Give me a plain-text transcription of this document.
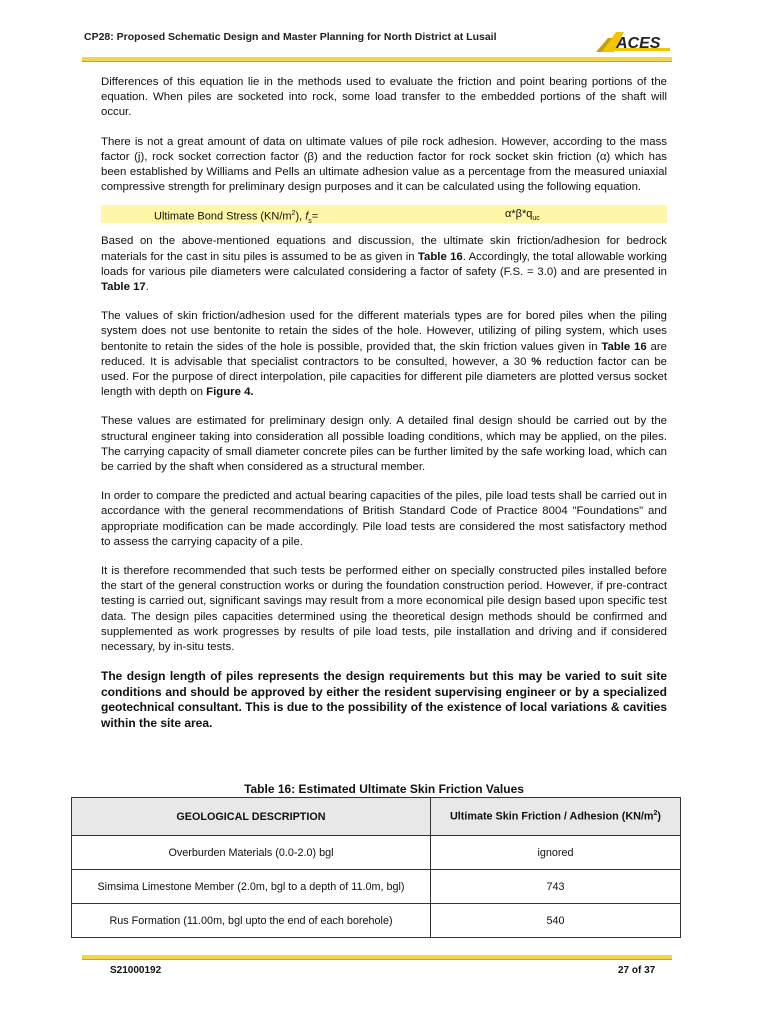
CP28: Proposed Schematic Design and Master Planning for North District at Lusail	ACES

Differences of this equation lie in the methods used to evaluate the friction and point bearing portions of the equation. When piles are socketed into rock, some load transfer to the embedded portions of the shaft will occur.

There is not a great amount of data on ultimate values of pile rock adhesion. However, according to the mass factor (j), rock socket correction factor (β) and the reduction factor for rock socket skin friction (α) which has been established by Williams and Pells an ultimate adhesion value as a percentage from the measured uniaxial compressive strength for preliminary design purposes and it can be calculated using the following equation.

Ultimate Bond Stress $(KN/m^2)$, $f_s=$	$\alpha*\beta*q_{uc}$

Based on the above-mentioned equations and discussion, the ultimate skin friction/adhesion for bedrock materials for the cast in situ piles is assumed to be as given in Table 16. Accordingly, the total allowable working loads for various pile diameters were calculated considering a factor of safety (F.S. = 3.0) and are presented in Table 17.

The values of skin friction/adhesion used for the different materials types are for bored piles when the piling system does not use bentonite to retain the sides of the hole. However, utilizing of piling system, which uses bentonite to retain the sides of the hole is possible, provided that, the skin friction values given in Table 16 are reduced. It is advisable that specialist contractors to be consulted, however, a 30 % reduction factor can be used. For the purpose of direct interpolation, pile capacities for different pile diameters are plotted versus socket length with depth on Figure 4.

These values are estimated for preliminary design only. A detailed final design should be carried out by the structural engineer taking into consideration all possible loading conditions, which may be applied, on the piles. The carrying capacity of small diameter concrete piles can be further limited by the safe working load, which can be carried by the shaft when considered as a structural member.

In order to compare the predicted and actual bearing capacities of the piles, pile load tests shall be carried out in accordance with the general recommendations of British Standard Code of Practice 8004 "Foundations" and appropriate modification can be made accordingly. Pile load tests are considered the most satisfactory method to assess the carrying capacity of a pile.

It is therefore recommended that such tests be performed either on specially constructed piles installed before the start of the general construction works or during the foundation construction period. However, if pre-contract testing is carried out, significant savings may result from a more economical pile design based upon specific test data. The design piles capacities determined using the theoretical design methods should be confirmed and supplemented as work progresses by results of pile load tests, pile installation and driving and if considered necessary, by in-situ tests.

The design length of piles represents the design requirements but this may be varied to suit site conditions and should be approved by either the resident supervising engineer or by a specialized geotechnical consultant. This is due to the possibility of the existence of local variations & cavities within the site area.

Table 16: Estimated Ultimate Skin Friction Values
GEOLOGICAL DESCRIPTION	Ultimate Skin Friction / Adhesion $(KN/m^2)$
Overburden Materials (0.0-2.0) bgl	ignored
Simsima Limestone Member (2.0m, bgl to a depth of 11.0m, bgl)	743
Rus Formation (11.00m, bgl upto the end of each borehole)	540
S21000192	27 of 37
